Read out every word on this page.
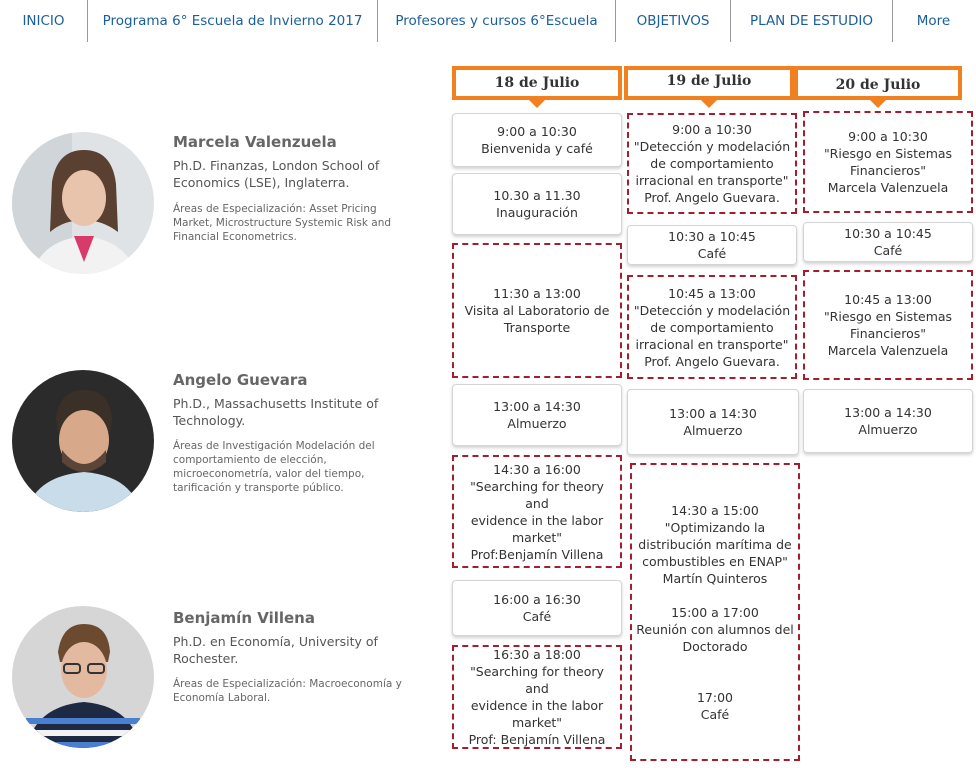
INICIO	Programa 6° Escuela de Invierno 2017 Profesores y cursos 6°Escuela	OBJETIVOS	PLAN DE ESTUDIO	More
Marcela Valenzuela
Ph.D. Finanzas, London School of Economics (LSE), Inglaterra.
Áreas de Especialización: Asset Pricing Market, Microstructure Systemic Risk and Financial Econometrics.
Angelo Guevara
Ph.D., Massachusetts Institute of Technology.
Áreas de Investigación Modelación del comportamiento de elección, microeconometría, valor del tiempo, tarificación y transporte público.
Benjamín Villena
Ph.D. en Economía, University of Rochester.
Áreas de Especialización: Macroeconomía y Economía Laboral.
18 de Julio	19 de Julio	20 de Julio
9:00 a 10:30
Bienvenida y café
10.30 a 11.30
Inauguración
11:30 a 13:00
Visita al Laboratorio de
Transporte
13:00 a 14:30
Almuerzo
14:30 a 16:00
"Searching for theory and
evidence in the labor
market"
Prof:Benjamín Villena
16:00 a 16:30
Café
16:30 a 18:00
"Searching for theory and
evidence in the labor
market"
Prof: Benjamín Villena
9:00 a 10:30
"Detección y modelación
de comportamiento
irracional en transporte"
Prof. Angelo Guevara.
10:30 a 10:45
Café
10:45 a 13:00
"Detección y modelación
de comportamiento
irracional en transporte"
Prof. Angelo Guevara.
13:00 a 14:30
Almuerzo
14:30 a 15:00
"Optimizando la
distribución marítima de
combustibles en ENAP"
Martín Quinteros
15:00 a 17:00
Reunión con alumnos del
Doctorado
17:00
Café
9:00 a 10:30
"Riesgo en Sistemas
Financieros"
Marcela Valenzuela
10:30 a 10:45
Café
10:45 a 13:00
"Riesgo en Sistemas
Financieros"
Marcela Valenzuela
13:00 a 14:30
Almuerzo
